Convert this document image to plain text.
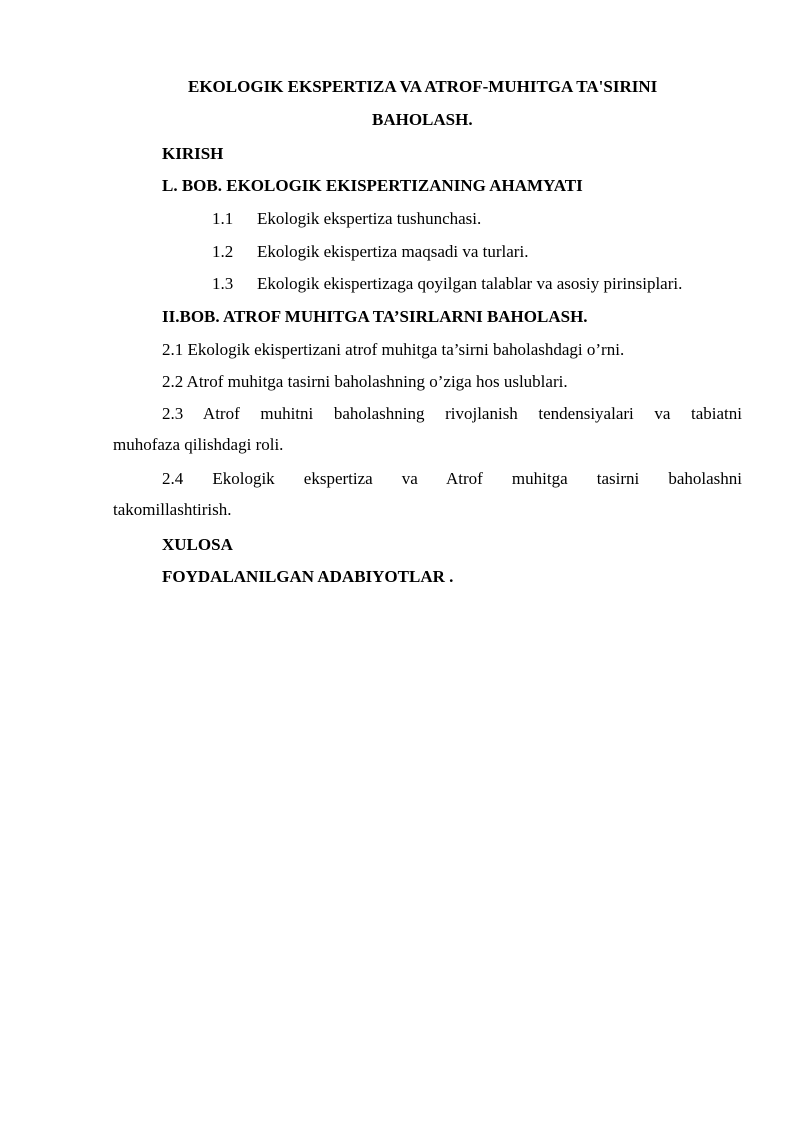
EKOLOGIK EKSPERTIZA VA ATROF-MUHITGA TA'SIRINI
BAHOLASH.
KIRISH
L. BOB. EKOLOGIK EKISPERTIZANING AHAMYATI
1.1 Ekologik ekspertiza tushunchasi.
1.2 Ekologik ekispertiza maqsadi va turlari.
1.3 Ekologik ekispertizaga qoyilgan talablar va asosiy pirinsiplari.
II.BOB. ATROF MUHITGA TA’SIRLARNI BAHOLASH.
2.1 Ekologik ekispertizani atrof muhitga ta’sirni baholashdagi o’rni.
2.2 Atrof muhitga tasirni baholashning o’ziga hos uslublari.
2.3 Atrof muhitni baholashning rivojlanish tendensiyalari va tabiatni
muhofaza qilishdagi roli.
2.4 Ekologik ekspertiza va Atrof muhitga tasirni baholashni
takomillashtirish.
XULOSA
FOYDALANILGAN ADABIYOTLAR .
